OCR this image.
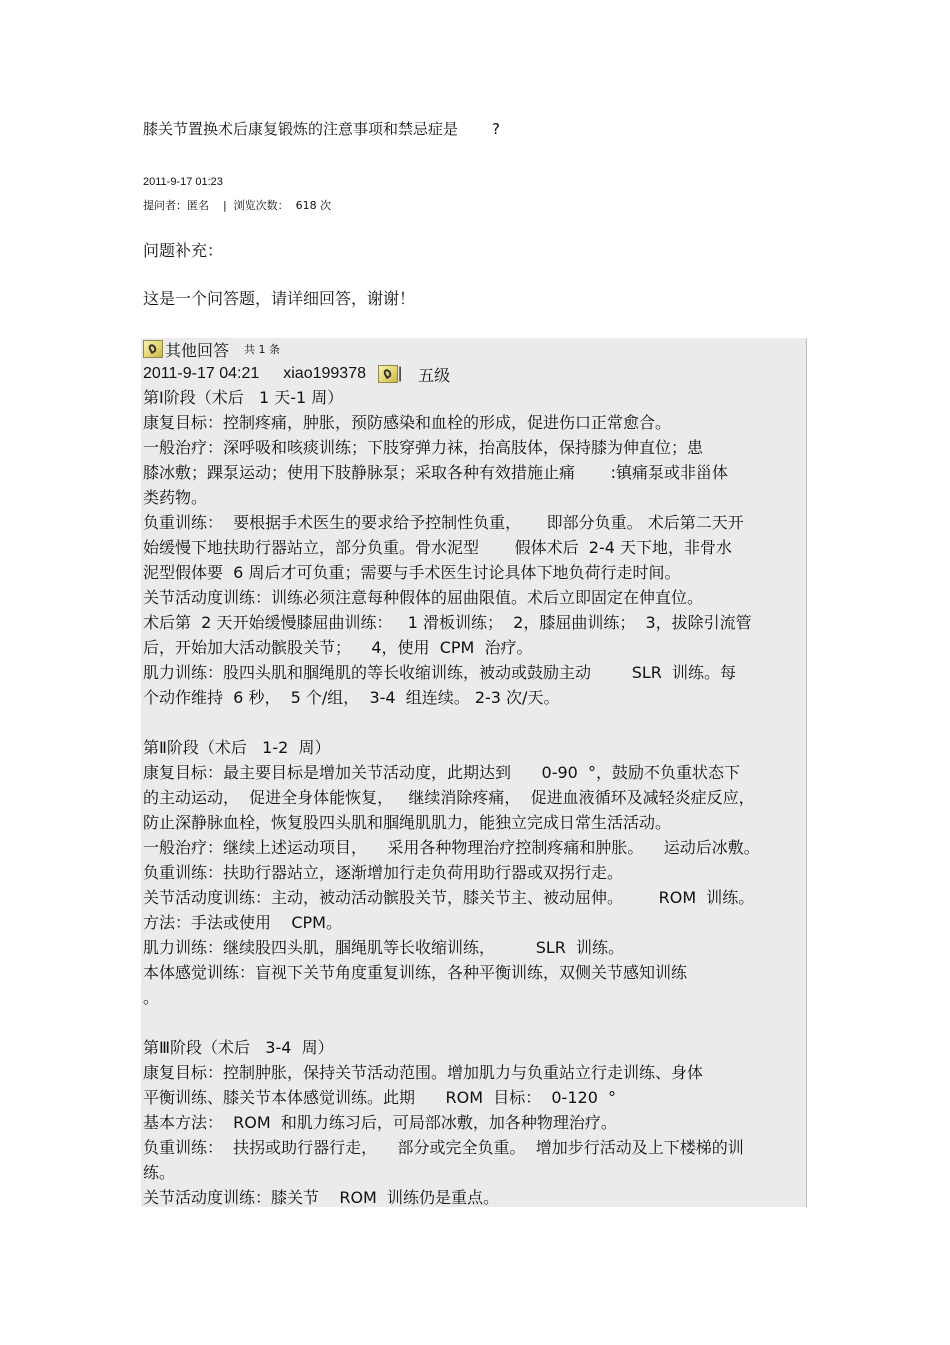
膝关节置换术后康复锻炼的注意事项和禁忌症是 ?
2011-9-17 01:23
提问者：匿名    |  浏览次数：  618 次
问题补充：
这是一个问答题，请详细回答，谢谢！
其他回答 共 1 条
2011-9-17 04:21 xiao199378 | 五级
第Ⅰ阶段（术后   1 天-1 周）
康复目标：控制疼痛，肿胀，预防感染和血栓的形成，促进伤口正常愈合。
一般治疗：深呼吸和咳痰训练；下肢穿弹力袜，抬高肢体，保持膝为伸直位；患
膝冰敷；踝泵运动；使用下肢静脉泵；采取各种有效措施止痛       :镇痛泵或非甾体
类药物。
负重训练：  要根据手术医生的要求给予控制性负重，     即部分负重。 术后第二天开
始缓慢下地扶助行器站立，部分负重。骨水泥型       假体术后  2-4 天下地，非骨水
泥型假体要  6 周后才可负重；需要与手术医生讨论具体下地负荷行走时间。
关节活动度训练：训练必须注意每种假体的屈曲限值。术后立即固定在伸直位。
术后第  2 天开始缓慢膝屈曲训练：   1 滑板训练；  2，膝屈曲训练；  3，拔除引流管
后，开始加大活动髌股关节；    4，使用  CPM  治疗。
肌力训练：股四头肌和腘绳肌的等长收缩训练，被动或鼓励主动        SLR  训练。每
个动作维持  6 秒，  5 个/组，  3-4  组连续。 2-3 次/天。
第Ⅱ阶段（术后   1-2  周）
康复目标：最主要目标是增加关节活动度，此期达到      0-90  °，鼓励不负重状态下
的主动运动，  促进全身体能恢复，   继续消除疼痛，  促进血液循环及减轻炎症反应，
防止深静脉血栓，恢复股四头肌和腘绳肌肌力，能独立完成日常生活活动。
一般治疗：继续上述运动项目，    采用各种物理治疗控制疼痛和肿胀。    运动后冰敷。
负重训练：扶助行器站立，逐渐增加行走负荷用助行器或双拐行走。
关节活动度训练：主动，被动活动髌股关节，膝关节主、被动屈伸。       ROM  训练。
方法：手法或使用    CPM。
肌力训练：继续股四头肌，腘绳肌等长收缩训练，        SLR  训练。
本体感觉训练：盲视下关节角度重复训练，各种平衡训练，双侧关节感知训练
。
第Ⅲ阶段（术后   3-4  周）
康复目标：控制肿胀，保持关节活动范围。增加肌力与负重站立行走训练、身体
平衡训练、膝关节本体感觉训练。此期      ROM  目标：  0-120  °
基本方法：  ROM  和肌力练习后，可局部冰敷，加各种物理治疗。
负重训练：  扶拐或助行器行走，    部分或完全负重。  增加步行活动及上下楼梯的训
练。
关节活动度训练：膝关节    ROM  训练仍是重点。
